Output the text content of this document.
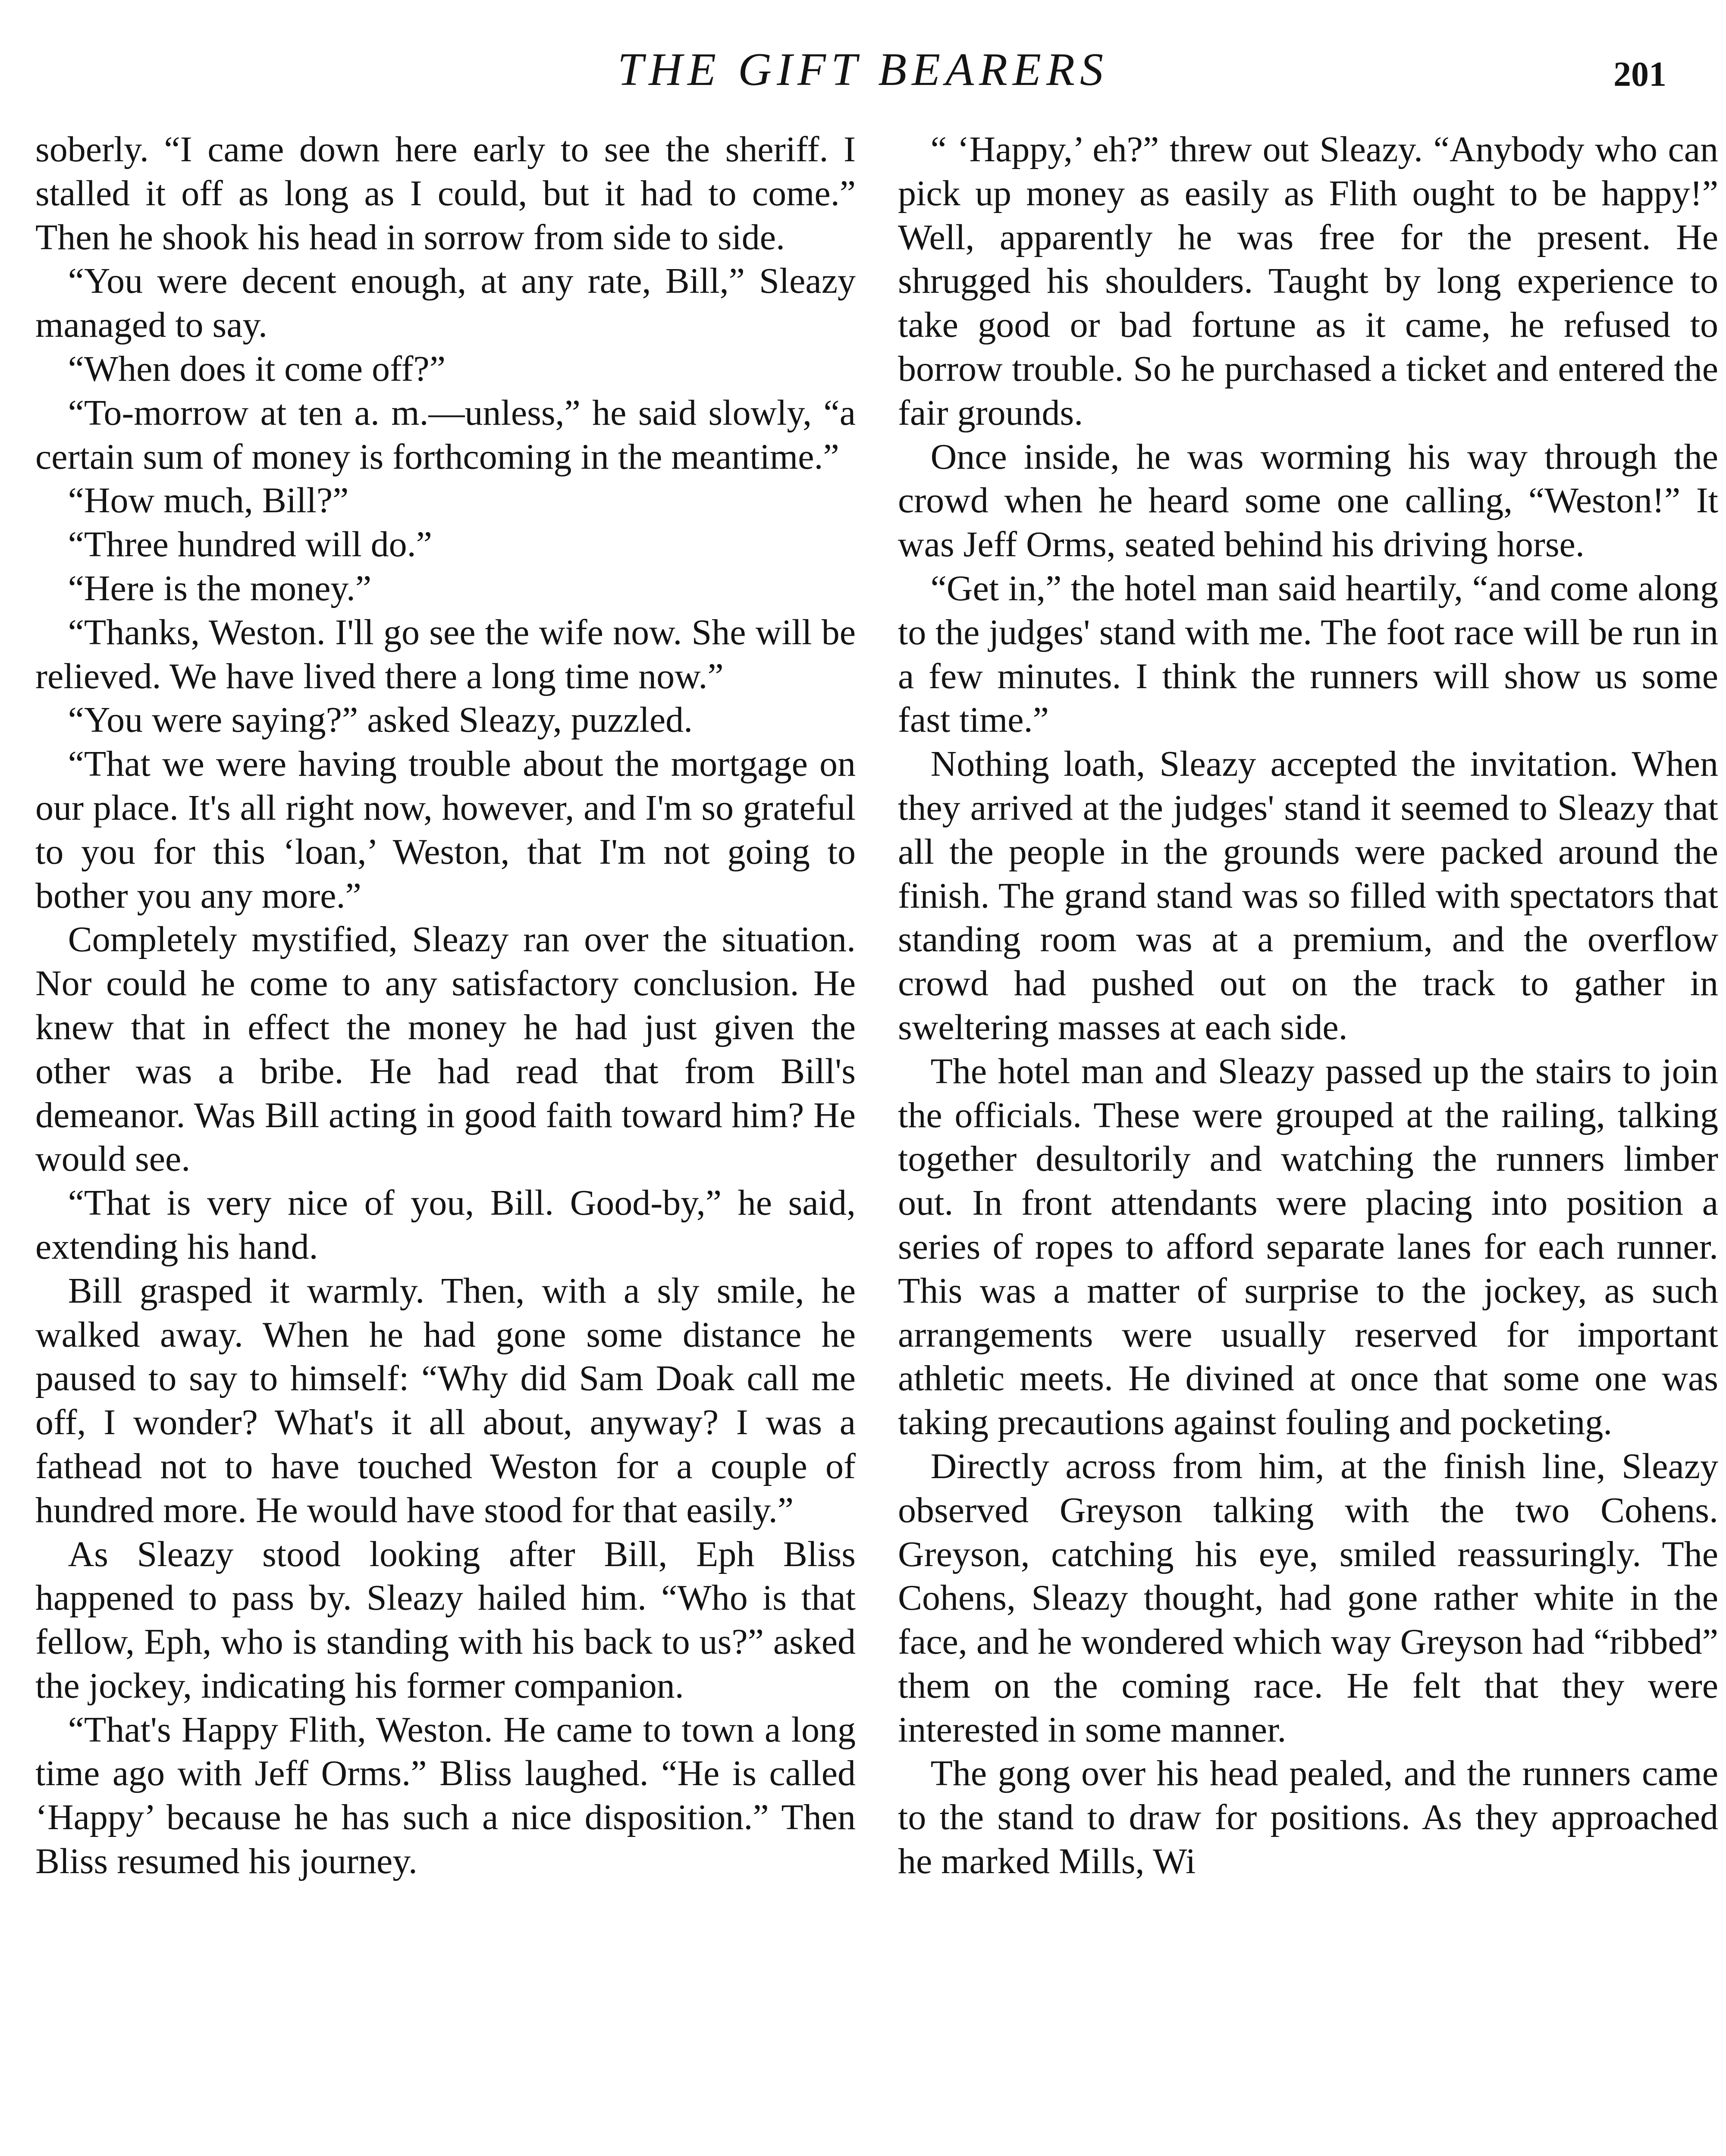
THE GIFT BEARERS	201

soberly. “I came down here early to see the sheriff. I stalled it off as long as I could, but it had to come.” Then he shook his head in sorrow from side to side.

“You were decent enough, at any rate, Bill,” Sleazy managed to say.

“When does it come off?”

“To-morrow at ten a. m.—unless,” he said slowly, “a certain sum of money is forthcoming in the meantime.”

“How much, Bill?”

“Three hundred will do.”

“Here is the money.”

“Thanks, Weston. I'll go see the wife now. She will be relieved. We have lived there a long time now.”

“You were saying?” asked Sleazy, puzzled.

“That we were having trouble about the mortgage on our place. It's all right now, however, and I'm so grateful to you for this ‘loan,’ Weston, that I'm not going to bother you any more.”

Completely mystified, Sleazy ran over the situation. Nor could he come to any satisfactory conclusion. He knew that in effect the money he had just given the other was a bribe. He had read that from Bill's demeanor. Was Bill acting in good faith toward him? He would see.

“That is very nice of you, Bill. Good-by,” he said, extending his hand.

Bill grasped it warmly. Then, with a sly smile, he walked away. When he had gone some distance he paused to say to himself: “Why did Sam Doak call me off, I wonder? What's it all about, anyway? I was a fathead not to have touched Weston for a couple of hundred more. He would have stood for that easily.”

As Sleazy stood looking after Bill, Eph Bliss happened to pass by. Sleazy hailed him. “Who is that fellow, Eph, who is standing with his back to us?” asked the jockey, indicating his former companion.

“That's Happy Flith, Weston. He came to town a long time ago with Jeff Orms.” Bliss laughed. “He is called ‘Happy’ because he has such a nice disposition.” Then Bliss resumed his journey.

“ ‘Happy,’ eh?” threw out Sleazy. “Anybody who can pick up money as easily as Flith ought to be happy!” Well, apparently he was free for the present. He shrugged his shoulders. Taught by long experience to take good or bad fortune as it came, he refused to borrow trouble. So he purchased a ticket and entered the fair grounds.

Once inside, he was worming his way through the crowd when he heard some one calling, “Weston!” It was Jeff Orms, seated behind his driving horse.

“Get in,” the hotel man said heartily, “and come along to the judges' stand with me. The foot race will be run in a few minutes. I think the runners will show us some fast time.”

Nothing loath, Sleazy accepted the invitation. When they arrived at the judges' stand it seemed to Sleazy that all the people in the grounds were packed around the finish. The grand stand was so filled with spectators that standing room was at a premium, and the overflow crowd had pushed out on the track to gather in sweltering masses at each side.

The hotel man and Sleazy passed up the stairs to join the officials. These were grouped at the railing, talking together desultorily and watching the runners limber out. In front attendants were placing into position a series of ropes to afford separate lanes for each runner. This was a matter of surprise to the jockey, as such arrangements were usually reserved for important athletic meets. He divined at once that some one was taking precautions against fouling and pocketing.

Directly across from him, at the finish line, Sleazy observed Greyson talking with the two Cohens. Greyson, catching his eye, smiled reassuringly. The Cohens, Sleazy thought, had gone rather white in the face, and he wondered which way Greyson had “ribbed” them on the coming race. He felt that they were interested in some manner.

The gong over his head pealed, and the runners came to the stand to draw for positions. As they approached he marked Mills, Wi
